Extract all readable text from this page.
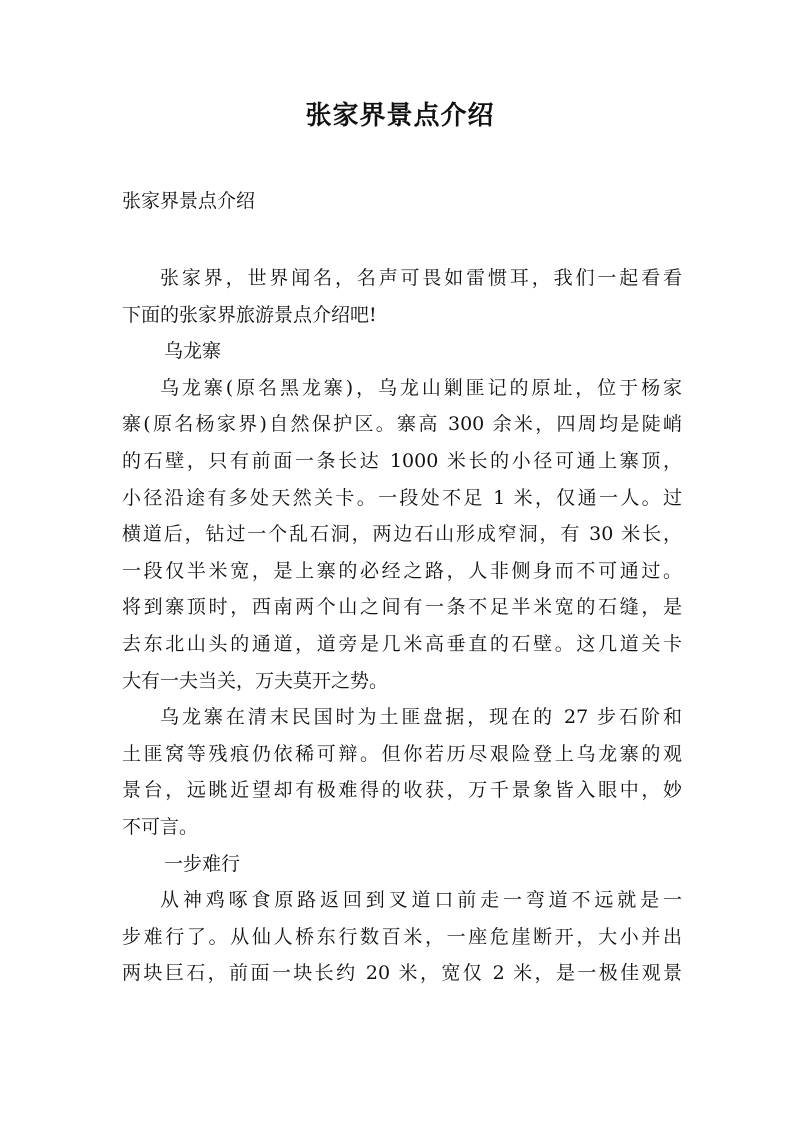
张家界景点介绍
张家界景点介绍

张家界，世界闻名，名声可畏如雷惯耳，我们一起看看
下面的张家界旅游景点介绍吧!

乌龙寨

乌龙寨(原名黑龙寨)，乌龙山剿匪记的原址，位于杨家
寨(原名杨家界)自然保护区。寨高 300 余米，四周均是陡峭
的石壁，只有前面一条长达 1000 米长的小径可通上寨顶，
小径沿途有多处天然关卡。一段处不足 1 米，仅通一人。过
横道后，钻过一个乱石洞，两边石山形成窄洞，有 30 米长，
一段仅半米宽，是上寨的必经之路，人非侧身而不可通过。
将到寨顶时，西南两个山之间有一条不足半米宽的石缝，是
去东北山头的通道，道旁是几米高垂直的石壁。这几道关卡
大有一夫当关，万夫莫开之势。

乌龙寨在清末民国时为土匪盘据，现在的 27 步石阶和
土匪窝等残痕仍依稀可辩。但你若历尽艰险登上乌龙寨的观
景台，远眺近望却有极难得的收获，万千景象皆入眼中，妙
不可言。

一步难行

从神鸡啄食原路返回到叉道口前走一弯道不远就是一
步难行了。从仙人桥东行数百米，一座危崖断开，大小并出
两块巨石，前面一块长约 20 米，宽仅 2 米，是一极佳观景
